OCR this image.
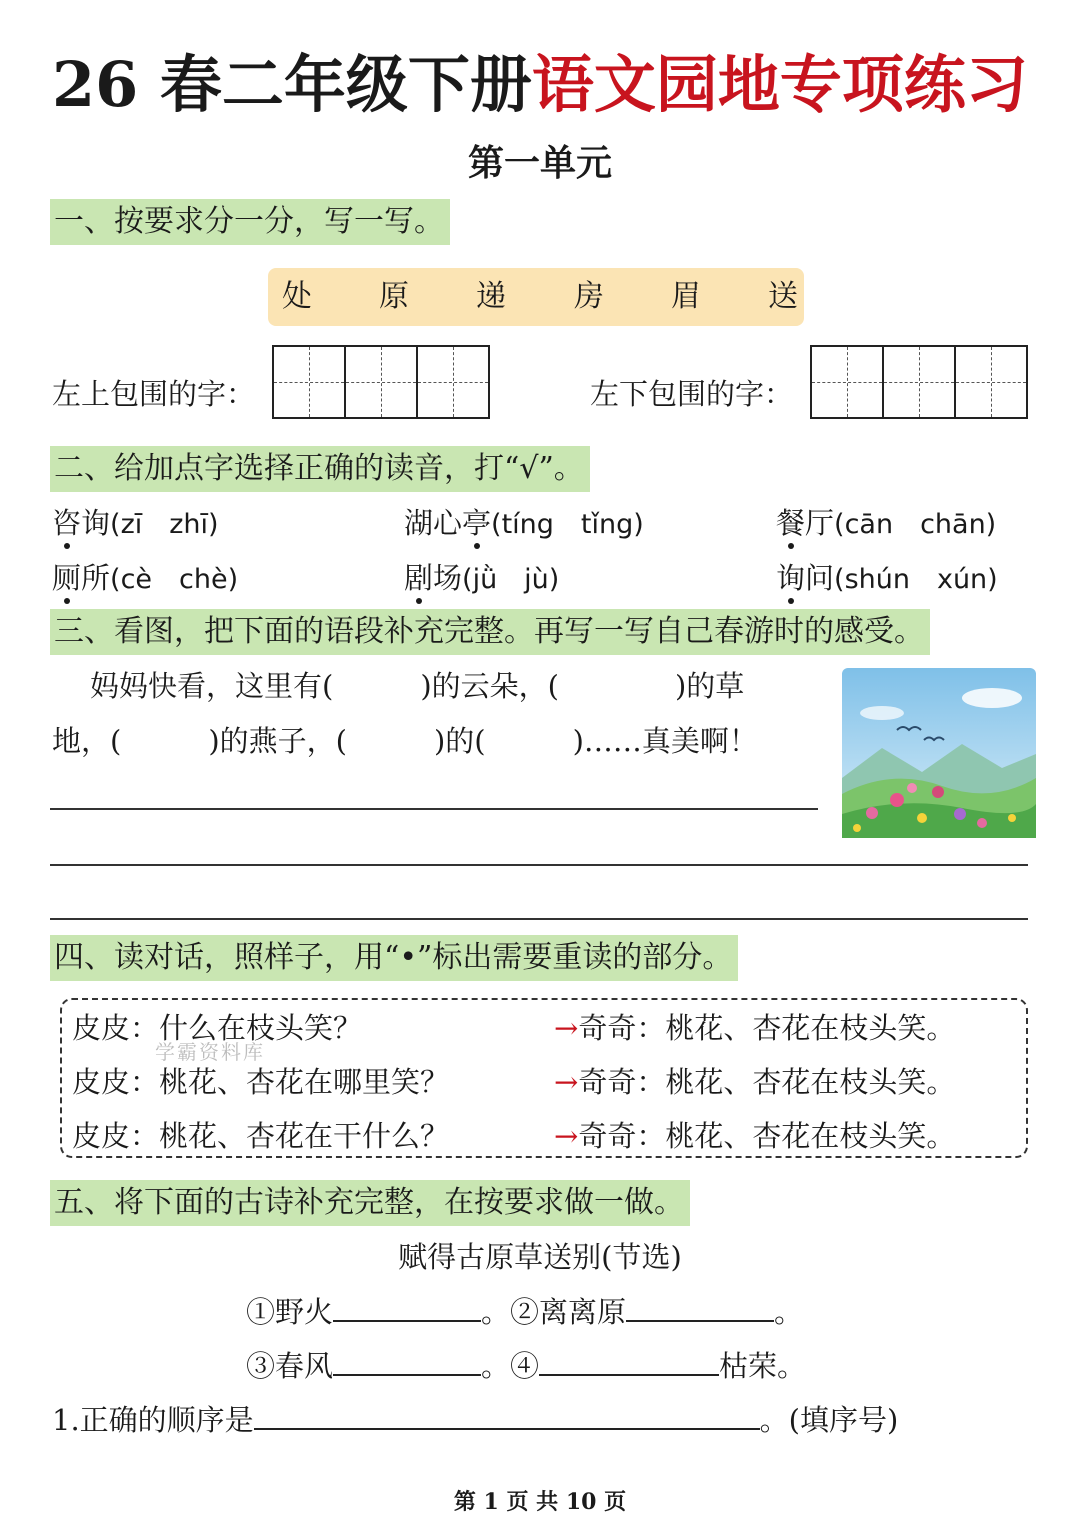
26 春二年级下册语文园地专项练习
第一单元
一、按要求分一分，写一写。
处 原 递 房 眉 送
左上包围的字：	左下包围的字：
二、给加点字选择正确的读音，打“√”。
咨询(zī　zhī)	湖心亭(tíng　tǐng)	餐厅(cān　chān)
厕所(cè　chè)	剧场(jǜ　jù)	询问(shún　xún)
三、看图，把下面的语段补充完整。再写一写自己春游时的感受。
妈妈快看，这里有(　　　)的云朵，(　　　　)的草
地，(　　　)的燕子，(　　　)的(　　　)……真美啊！
四、读对话，照样子，用“•”标出需要重读的部分。
学霸资料库
皮皮：什么在枝头笑？	→奇奇：桃花、杏花在枝头笑。
皮皮：桃花、杏花在哪里笑？	→奇奇：桃花、杏花在枝头笑。
皮皮：桃花、杏花在干什么？	→奇奇：桃花、杏花在枝头笑。
五、将下面的古诗补充完整，在按要求做一做。
赋得古原草送别(节选)
①野火	。②离离原	。
③春风	。④	枯荣。
1.正确的顺序是	。(填序号)
第 1 页 共 10 页
